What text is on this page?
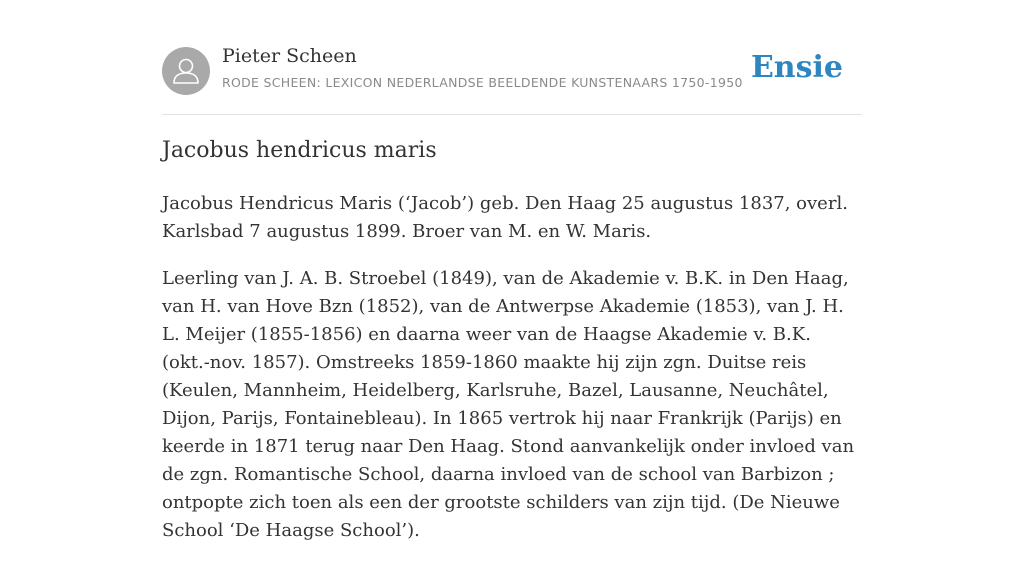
Pieter Scheen
RODE SCHEEN: LEXICON NEDERLANDSE BEELDENDE KUNSTENAARS 1750-1950 Ensie
Jacobus hendricus maris

Jacobus Hendricus Maris (‘Jacob’) geb. Den Haag 25 augustus 1837, overl. Karlsbad 7 augustus 1899. Broer van M. en W. Maris.

Leerling van J. A. B. Stroebel (1849), van de Akademie v. B.K. in Den Haag, van H. van Hove Bzn (1852), van de Antwerpse Akademie (1853), van J. H. L. Meijer (1855-1856) en daarna weer van de Haagse Akademie v. B.K. (okt.-nov. 1857). Omstreeks 1859-1860 maakte hij zijn zgn. Duitse reis (Keulen, Mannheim, Heidelberg, Karlsruhe, Bazel, Lausanne, Neuchâtel, Dijon, Parijs, Fontainebleau). In 1865 vertrok hij naar Frankrijk (Parijs) en keerde in 1871 terug naar Den Haag. Stond aanvankelijk onder invloed van de zgn. Romantische School, daarna invloed van de school van Barbizon ; ontpopte zich toen als een der grootste schilders van zijn tijd. (De Nieuwe School ‘De Haagse School’).
